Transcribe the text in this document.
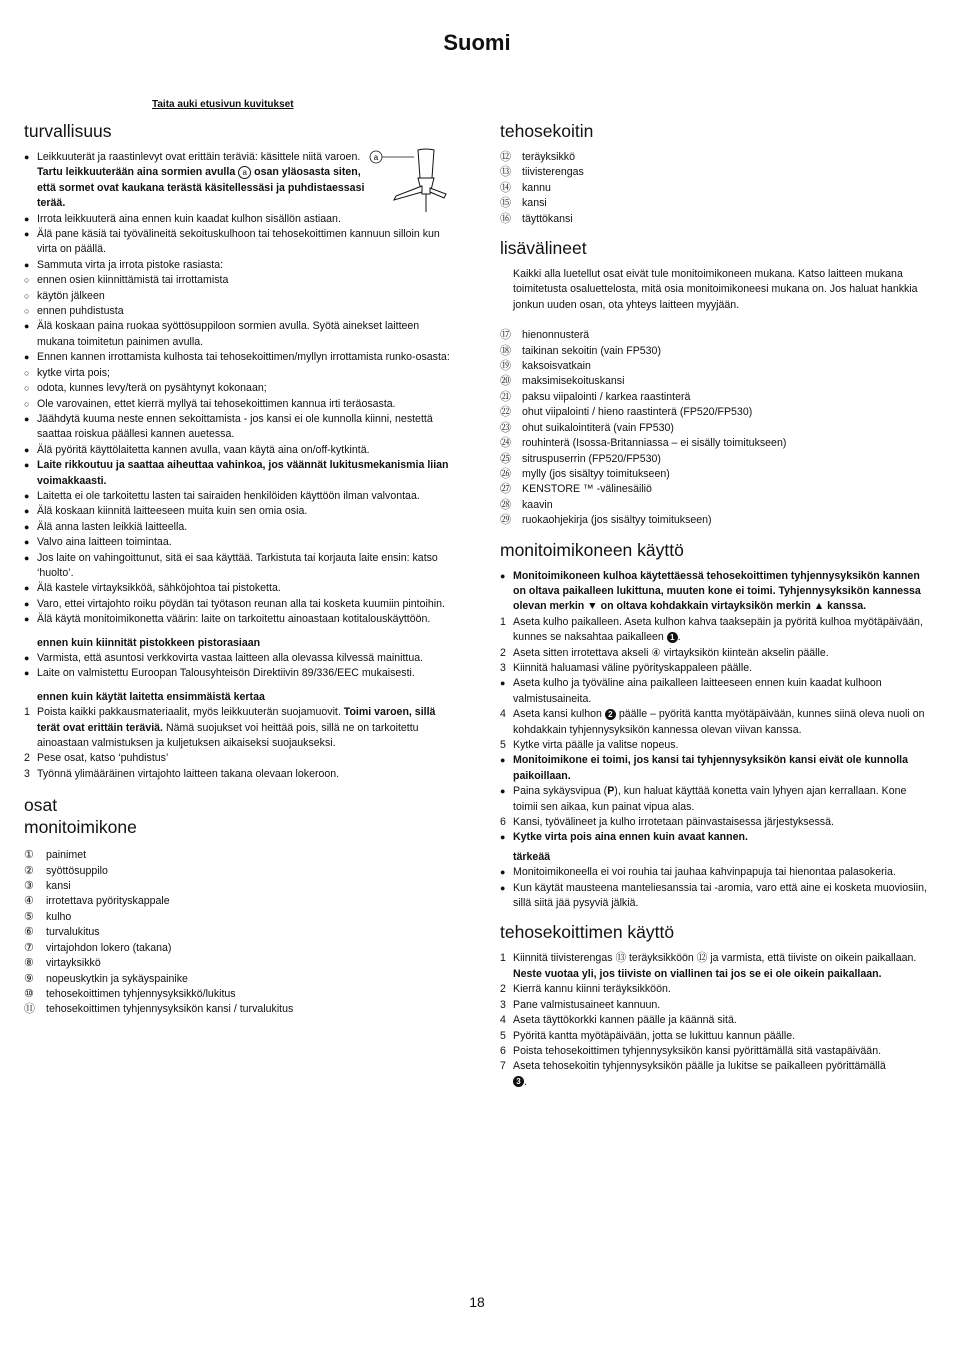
Suomi
Taita auki etusivun kuvitukset
a
turvallisuus
● Leikkuuterät ja raastinlevyt ovat erittäin teräviä: käsittele niitä varoen. Tartu leikkuuterään aina sormien avulla a osan yläosasta siten, että sormet ovat kaukana terästä käsitellessäsi ja puhdistaessasi terää.
● Irrota leikkuuterä aina ennen kuin kaadat kulhon sisällön astiaan.
● Älä pane käsiä tai työvälineitä sekoituskulhoon tai tehosekoittimen kannuun silloin kun virta on päällä.
● Sammuta virta ja irrota pistoke rasiasta:
○ ennen osien kiinnittämistä tai irrottamista
○ käytön jälkeen
○ ennen puhdistusta
● Älä koskaan paina ruokaa syöttösuppiloon sormien avulla. Syötä ainekset laitteen mukana toimitetun painimen avulla.
● Ennen kannen irrottamista kulhosta tai tehosekoittimen/myllyn irrottamista runko-osasta:
○ kytke virta pois;
○ odota, kunnes levy/terä on pysähtynyt kokonaan;
○ Ole varovainen, ettet kierrä myllyä tai tehosekoittimen kannua irti teräosasta.
● Jäähdytä kuuma neste ennen sekoittamista - jos kansi ei ole kunnolla kiinni, nestettä saattaa roiskua päällesi kannen auetessa.
● Älä pyöritä käyttölaitetta kannen avulla, vaan käytä aina on/off-kytkintä.
● Laite rikkoutuu ja saattaa aiheuttaa vahinkoa, jos väännät lukitusmekanismia liian voimakkaasti.
● Laitetta ei ole tarkoitettu lasten tai sairaiden henkilöiden käyttöön ilman valvontaa.
● Älä koskaan kiinnitä laitteeseen muita kuin sen omia osia.
● Älä anna lasten leikkiä laitteella.
● Valvo aina laitteen toimintaa.
● Jos laite on vahingoittunut, sitä ei saa käyttää. Tarkistuta tai korjauta laite ensin: katso ‘huolto’.
● Älä kastele virtayksikköä, sähköjohtoa tai pistoketta.
● Varo, ettei virtajohto roiku pöydän tai työtason reunan alla tai kosketa kuumiin pintoihin.
● Älä käytä monitoimikonetta väärin: laite on tarkoitettu ainoastaan kotitalouskäyttöön.
ennen kuin kiinnität pistokkeen pistorasiaan
● Varmista, että asuntosi verkkovirta vastaa laitteen alla olevassa kilvessä mainittua.
● Laite on valmistettu Euroopan Talousyhteisön Direktiivin 89/336/EEC mukaisesti.
ennen kuin käytät laitetta ensimmäistä kertaa
1 Poista kaikki pakkausmateriaalit, myös leikkuuterän suojamuovit. Toimi varoen, sillä terät ovat erittäin teräviä. Nämä suojukset voi heittää pois, sillä ne on tarkoitettu ainoastaan valmistuksen ja kuljetuksen aikaiseksi suojaukseksi.
2 Pese osat, katso ‘puhdistus’
3 Työnnä ylimääräinen virtajohto laitteen takana olevaan lokeroon.
osat
monitoimikone
① painimet
② syöttösuppilo
③ kansi
④ irrotettava pyörityskappale
⑤ kulho
⑥ turvalukitus
⑦ virtajohdon lokero (takana)
⑧ virtayksikkö
⑨ nopeuskytkin ja sykäyspainike
⑩ tehosekoittimen tyhjennysyksikkö/lukitus
⑪ tehosekoittimen tyhjennysyksikön kansi / turvalukitus
tehosekoitin
⑫ teräyksikkö
⑬ tiivisterengas
⑭ kannu
⑮ kansi
⑯ täyttökansi
lisävälineet
Kaikki alla luetellut osat eivät tule monitoimikoneen mukana. Katso laitteen mukana toimitetusta osaluettelosta, mitä osia monitoimikoneesi mukana on. Jos haluat hankkia jonkun uuden osan, ota yhteys laitteen myyjään.
⑰ hienonnusterä
⑱ taikinan sekoitin (vain FP530)
⑲ kaksoisvatkain
⑳ maksimisekoituskansi
㉑ paksu viipalointi / karkea raastinterä
㉒ ohut viipalointi / hieno raastinterä (FP520/FP530)
㉓ ohut suikalointiterä (vain FP530)
㉔ rouhinterä (Isossa-Britanniassa – ei sisälly toimitukseen)
㉕ sitruspuserrin (FP520/FP530)
㉖ mylly (jos sisältyy toimitukseen)
㉗ KENSTORE ™ -välinesäiliö
㉘ kaavin
㉙ ruokaohjekirja (jos sisältyy toimitukseen)
monitoimikoneen käyttö
● Monitoimikoneen kulhoa käytettäessä tehosekoittimen tyhjennysyksikön kannen on oltava paikalleen lukittuna, muuten kone ei toimi. Tyhjennysyksikön kannessa olevan merkin ▼ on oltava kohdakkain virtayksikön merkin ▲ kanssa.
1 Aseta kulho paikalleen. Aseta kulhon kahva taaksepäin ja pyöritä kulhoa myötäpäivään, kunnes se naksahtaa paikalleen 1 .
2 Aseta sitten irrotettava akseli ④ virtayksikön kiinteän akselin päälle.
3 Kiinnitä haluamasi väline pyörityskappaleen päälle.
● Aseta kulho ja työväline aina paikalleen laitteeseen ennen kuin kaadat kulhoon valmistusaineita.
4 Aseta kansi kulhon 2 päälle – pyöritä kantta myötäpäivään, kunnes siinä oleva nuoli on kohdakkain tyhjennysyksikön kannessa olevan viivan kanssa.
5 Kytke virta päälle ja valitse nopeus.
● Monitoimikone ei toimi, jos kansi tai tyhjennysyksikön kansi eivät ole kunnolla paikoillaan.
● Paina sykäysvipua (P), kun haluat käyttää konetta vain lyhyen ajan kerrallaan. Kone toimii sen aikaa, kun painat vipua alas.
6 Kansi, työvälineet ja kulho irrotetaan päinvastaisessa järjestyksessä.
● Kytke virta pois aina ennen kuin avaat kannen.
tärkeää
● Monitoimikoneella ei voi rouhia tai jauhaa kahvinpapuja tai hienontaa palasokeria.
● Kun käytät mausteena manteliesanssia tai -aromia, varo että aine ei kosketa muoviosiin, sillä siitä jää pysyviä jälkiä.
tehosekoittimen käyttö
1 Kiinnitä tiivisterengas ⑬ teräyksikköön ⑫ ja varmista, että tiiviste on oikein paikallaan.
Neste vuotaa yli, jos tiiviste on viallinen tai jos se ei ole oikein paikallaan.
2 Kierrä kannu kiinni teräyksikköön.
3 Pane valmistusaineet kannuun.
4 Aseta täyttökorkki kannen päälle ja käännä sitä.
5 Pyöritä kantta myötäpäivään, jotta se lukittuu kannun päälle.
6 Poista tehosekoittimen tyhjennysyksikön kansi pyörittämällä sitä vastapäivään.
7 Aseta tehosekoitin tyhjennysyksikön päälle ja lukitse se paikalleen pyörittämällä
3 .
18
